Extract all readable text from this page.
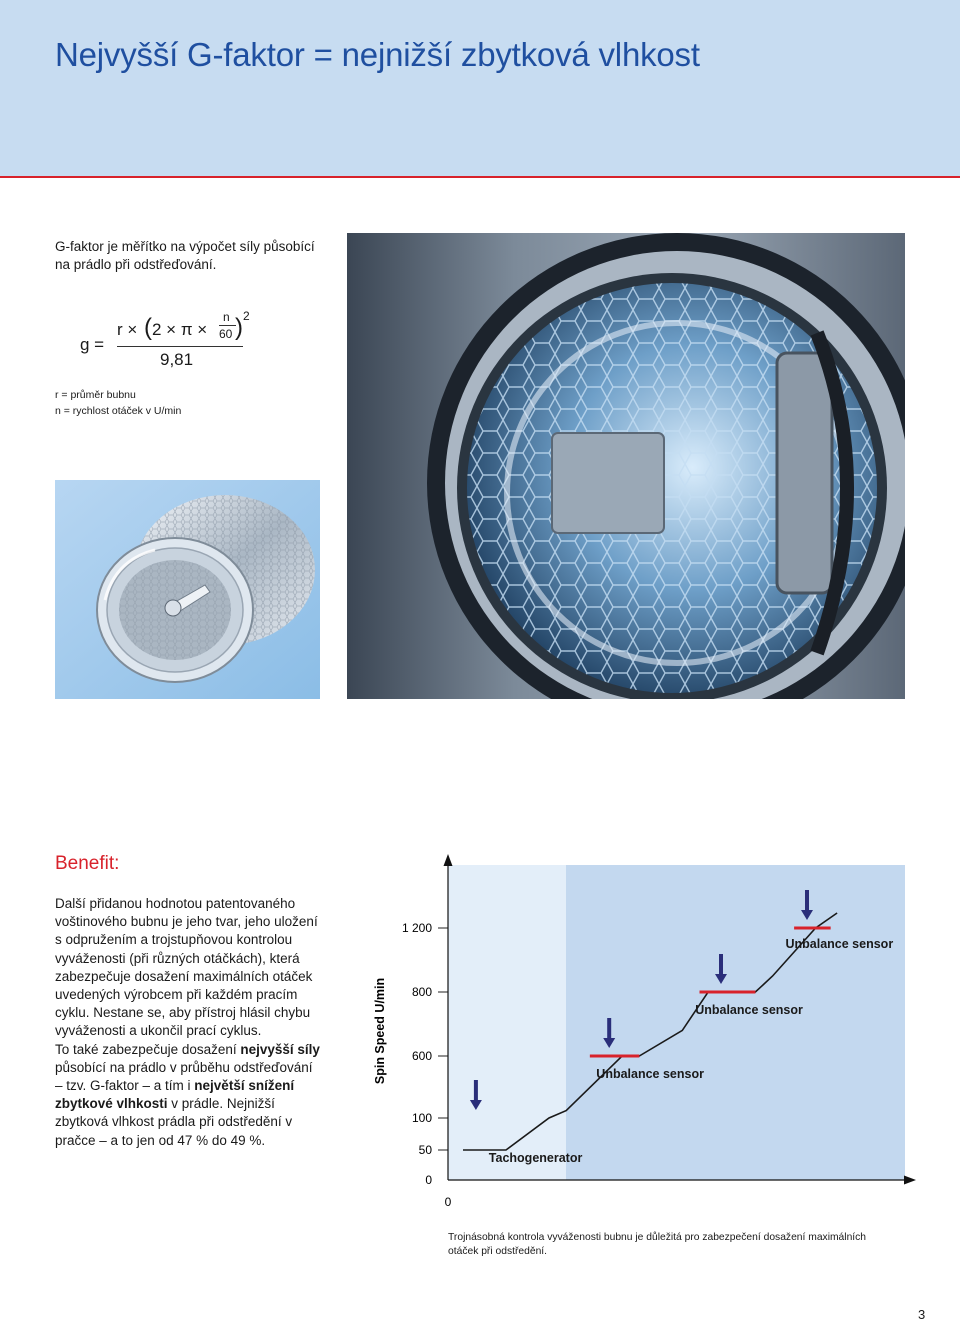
Nejvyšší G-faktor = nejnižší zbytková vlhkost
G-faktor je měřítko na výpočet síly působící na prádlo při odstřeďování.
g =
r × ( 2 × π ×
n
60 ) 2
9,81
r = průměr bubnu
n = rychlost otáček v U/min
Benefit:
Další přidanou hodnotou patentovaného voštinového bubnu je jeho tvar, jeho uložení s odpružením a trojstupňovou kontrolou vyváženosti (při různých otáčkách), která zabezpečuje dosažení maximálních otáček uvedených výrobcem při každém pracím cyklu. Nestane se, aby přístroj hlásil chybu vyváženosti a ukončil prací cyklus.
To také zabezpečuje dosažení nejvyšší síly působící na prádlo v průběhu odstřeďování – tzv. G-faktor – a tím i největší snížení zbytkové vlhkosti v prádle. Nejnižší zbytková vlhkost prádla při odstředění v pračce – a to jen od 47 % do 49 %.
Spin Speed U/min
1 200
800
600
100
50
0
0
Tachogenerator
Unbalance sensor
Unbalance sensor
Unbalance sensor
Trojnásobná kontrola vyváženosti bubnu je důležitá pro zabezpečení dosažení maximálních otáček při odstředění.
3
